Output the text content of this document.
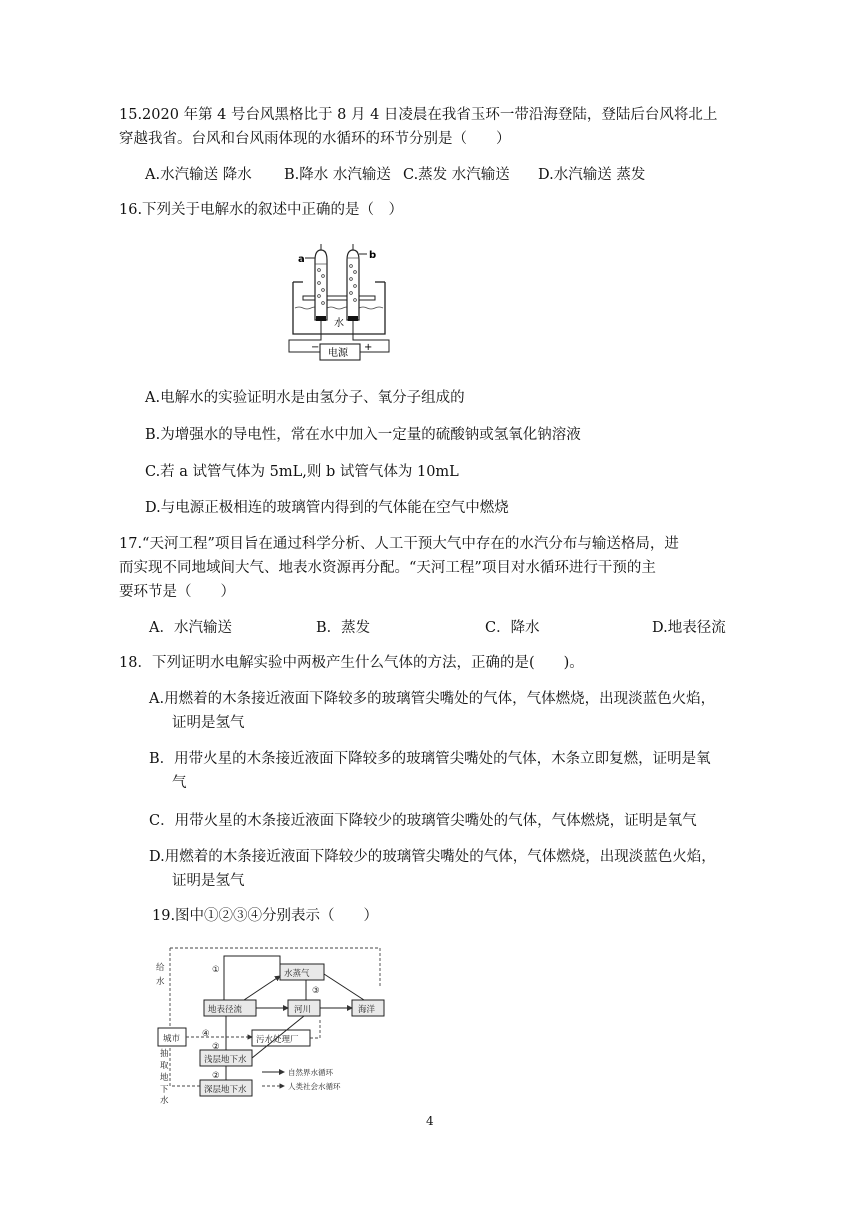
15.2020 年第 4 号台风黑格比于 8 月 4 日凌晨在我省玉环一带沿海登陆，登陆后台风将北上
穿越我省。台风和台风雨体现的水循环的环节分别是（　　）
A.水汽输送 降水 B.降水 水汽输送 C.蒸发 水汽输送 D.水汽输送 蒸发
16.下列关于电解水的叙述中正确的是（　）
a	b
水
电源
−	+
A.电解水的实验证明水是由氢分子、氧分子组成的
B.为增强水的导电性，常在水中加入一定量的硫酸钠或氢氧化钠溶液
C.若 a 试管气体为 5mL,则 b 试管气体为 10mL
D.与电源正极相连的玻璃管内得到的气体能在空气中燃烧
17.“天河工程”项目旨在通过科学分析、人工干预大气中存在的水汽分布与输送格局，进
而实现不同地域间大气、地表水资源再分配。“天河工程”项目对水循环进行干预的主
要环节是（　　）
A．水汽输送	B．蒸发	C．降水	D.地表径流
18．下列证明水电解实验中两极产生什么气体的方法，正确的是(　　)。
A.用燃着的木条接近液面下降较多的玻璃管尖嘴处的气体，气体燃烧，出现淡蓝色火焰，
证明是氢气
B．用带火星的木条接近液面下降较多的玻璃管尖嘴处的气体，木条立即复燃，证明是氧
气
C．用带火星的木条接近液面下降较少的玻璃管尖嘴处的气体，气体燃烧，证明是氧气
D.用燃着的木条接近液面下降较少的玻璃管尖嘴处的气体，气体燃烧，出现淡蓝色火焰，
证明是氢气
19.图中①②③④分别表示（　　）
给
水
抽
取
地
下
水
城市
地表径流
水蒸气
河川	海洋
污水处理厂
浅层地下水
深层地下水
①
③
④
②
②	自然界水循环
人类社会水循环
4
